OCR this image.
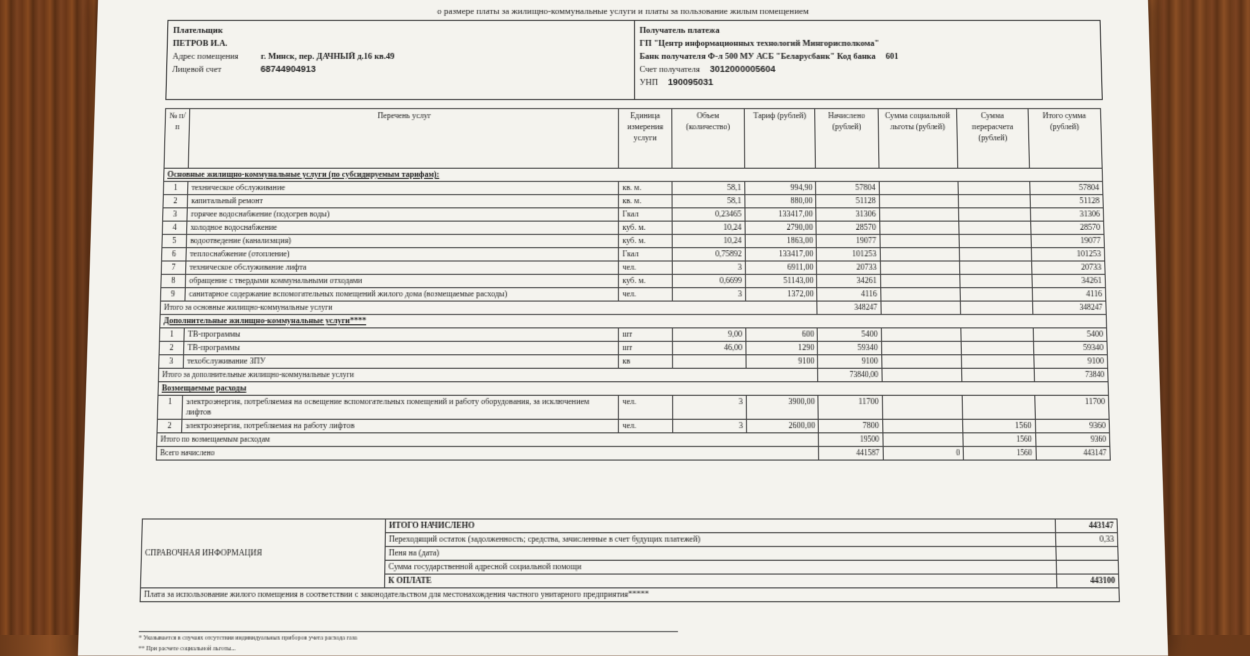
о размере платы за жилищно-коммунальные услуги и платы за пользование жилым помещением
Плательщик
ПЕТРОВ И.А.
Адрес помещения	г. Минск, пер. ДАЧНЫЙ д.16 кв.49
Лицевой счет	68744904913
Получатель платежа
ГП "Центр информационных технологий Мингорисполкома"
Банк получателя Ф-л 500 МУ АСБ "Беларусбанк" Код банка 601
Счет получателя 3012000005604
УНП 190095031
№ п/п	Перечень услуг	Единица измерения услуги	Объем (количество)	Тариф (рублей)	Начислено (рублей)	Сумма социальной льготы (рублей)	Сумма перерасчета (рублей)	Итого сумма (рублей)
Основные жилищно-коммунальные услуги (по субсидируемым тарифам):								
1	техническое обслуживание	кв. м.	58,1	994,90	57804			57804
2	капитальный ремонт	кв. м.	58,1	880,00	51128			51128
3	горячее водоснабжение (подогрев воды)	Гкал	0,23465	133417,00	31306			31306
4	холодное водоснабжение	куб. м.	10,24	2790,00	28570			28570
5	водоотведение (канализация)	куб. м.	10,24	1863,00	19077			19077
6	теплоснабжение (отопление)	Гкал	0,75892	133417,00	101253			101253
7	техническое обслуживание лифта	чел.	3	6911,00	20733			20733
8	обращение с твердыми коммунальными отходами	куб. м.	0,6699	51143,00	34261			34261
9	санитарное содержание вспомогательных помещений жилого дома (возмещаемые расходы)	чел.	3	1372,00	4116			4116
Итого за основные жилищно-коммунальные услуги					348247			348247
Дополнительные жилищно-коммунальные услуги****								
1	ТВ-программы	шт	9,00	600	5400			5400
2	ТВ-программы	шт	46,00	1290	59340			59340
3	техобслуживание ЗПУ	кв		9100	9100			9100
Итого за дополнительные жилищно-коммунальные услуги					73840,00			73840
Возмещаемые расходы								
1	электроэнергия, потребляемая на освещение вспомогательных помещений и работу оборудования, за исключением лифтов	чел.	3	3900,00	11700			11700
2	электроэнергия, потребляемая на работу лифтов	чел.	3	2600,00	7800		1560	9360
Итого по возмещаемым расходам					19500		1560	9360
Всего начислено					441587	0	1560	443147
СПРАВОЧНАЯ ИНФОРМАЦИЯ	ИТОГО НАЧИСЛЕНО	443147
	Переходящий остаток (задолженность; средства, зачисленные в счет будущих платежей)	0,33
	Пеня на (дата)	
	Сумма государственной адресной социальной помощи	
	К ОПЛАТЕ	443100
Плата за использование жилого помещения в соответствии с законодательством для местонахождения частного унитарного предприятия*****		
* Указывается в случаях отсутствия индивидуальных приборов учета расхода газа
** При расчете социальной льготы...
